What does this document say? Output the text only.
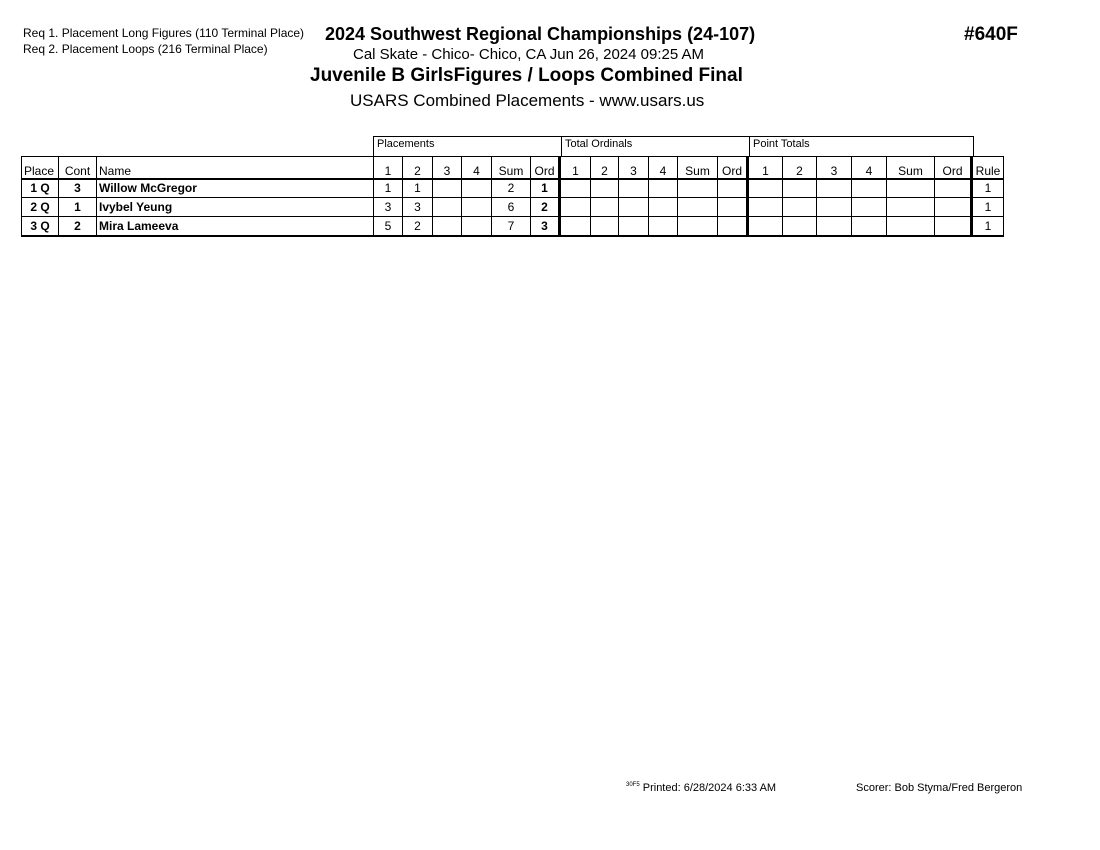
Req 1. Placement Long Figures (110 Terminal Place)
Req 2. Placement Loops (216 Terminal Place)
2024 Southwest Regional Championships (24-107)
Cal Skate - Chico- Chico, CA Jun 26, 2024 09:25 AM
Juvenile B GirlsFigures / Loops Combined Final
USARS Combined Placements - www.usars.us
#640F
Placements	Total Ordinals	Point Totals
Place	Cont	Name	1	2	3	4	Sum	Ord	1	2	3	4	Sum	Ord	1	2	3	4	Sum	Ord	Rule
1 Q	3	Willow McGregor	1	1			2	1													1
2 Q	1	Ivybel Yeung	3	3			6	2													1
3 Q	2	Mira Lameeva	5	2			7	3													1
$^{30F5}$ Printed: 6/28/2024 6:33 AM	Scorer: Bob Styma/Fred Bergeron
